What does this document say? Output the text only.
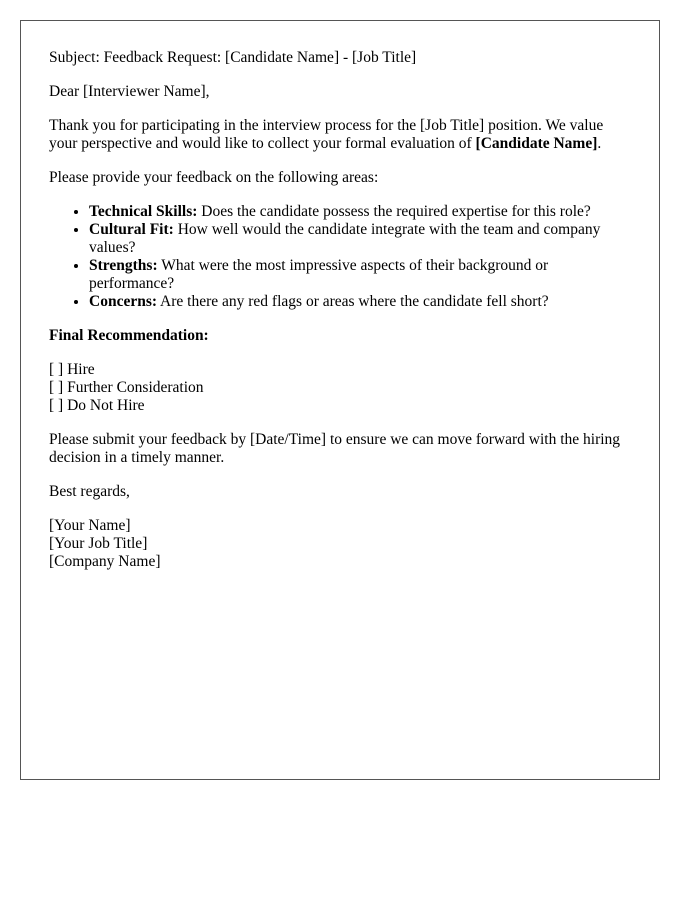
Subject: Feedback Request: [Candidate Name] - [Job Title]

Dear [Interviewer Name],

Thank you for participating in the interview process for the [Job Title] position. We value your perspective and would like to collect your formal evaluation of [Candidate Name].

Please provide your feedback on the following areas:

• Technical Skills: Does the candidate possess the required expertise for this role?
• Cultural Fit: How well would the candidate integrate with the team and company values?
• Strengths: What were the most impressive aspects of their background or performance?
• Concerns: Are there any red flags or areas where the candidate fell short?

Final Recommendation:

[ ] Hire
[ ] Further Consideration
[ ] Do Not Hire

Please submit your feedback by [Date/Time] to ensure we can move forward with the hiring decision in a timely manner.

Best regards,

[Your Name]
[Your Job Title]
[Company Name]
